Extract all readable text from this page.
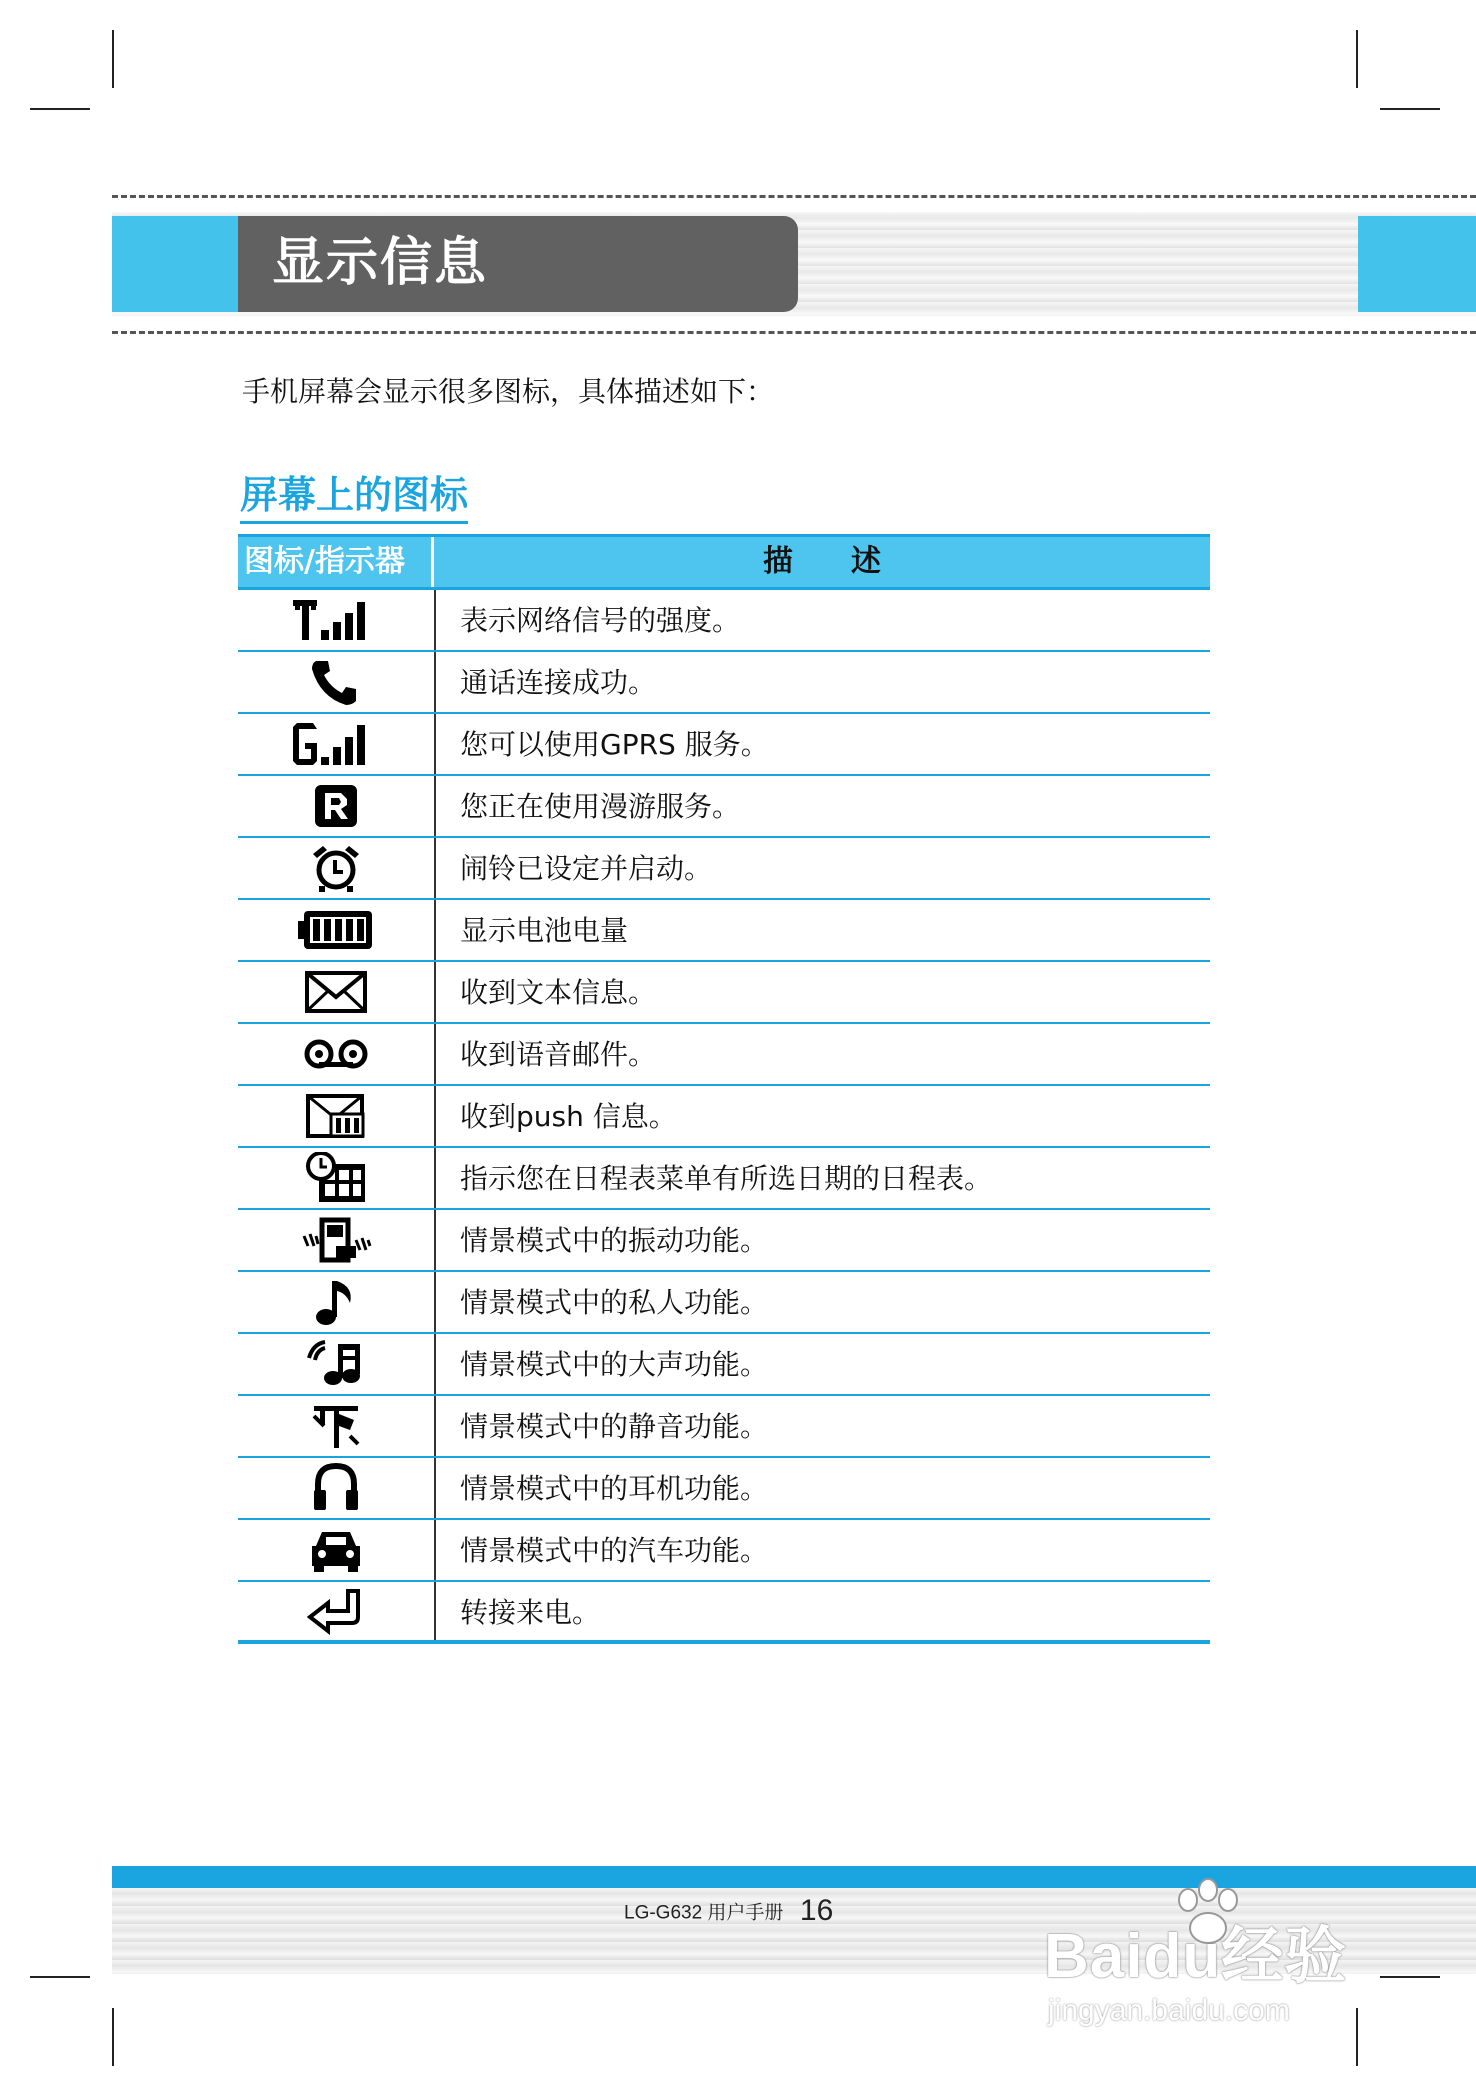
显示信息
手机屏幕会显示很多图标，具体描述如下：
屏幕上的图标
图标/指示器	描述
表示网络信号的强度。
通话连接成功。
您可以使用GPRS 服务。
您正在使用漫游服务。
闹铃已设定并启动。
显示电池电量
收到文本信息。
收到语音邮件。
收到push 信息。
指示您在日程表菜单有所选日期的日程表。
情景模式中的振动功能。
情景模式中的私人功能。
情景模式中的大声功能。
情景模式中的静音功能。
情景模式中的耳机功能。
情景模式中的汽车功能。
转接来电。
LG-G632 用户手册 16
Baidu经验
jingyan.baidu.com
